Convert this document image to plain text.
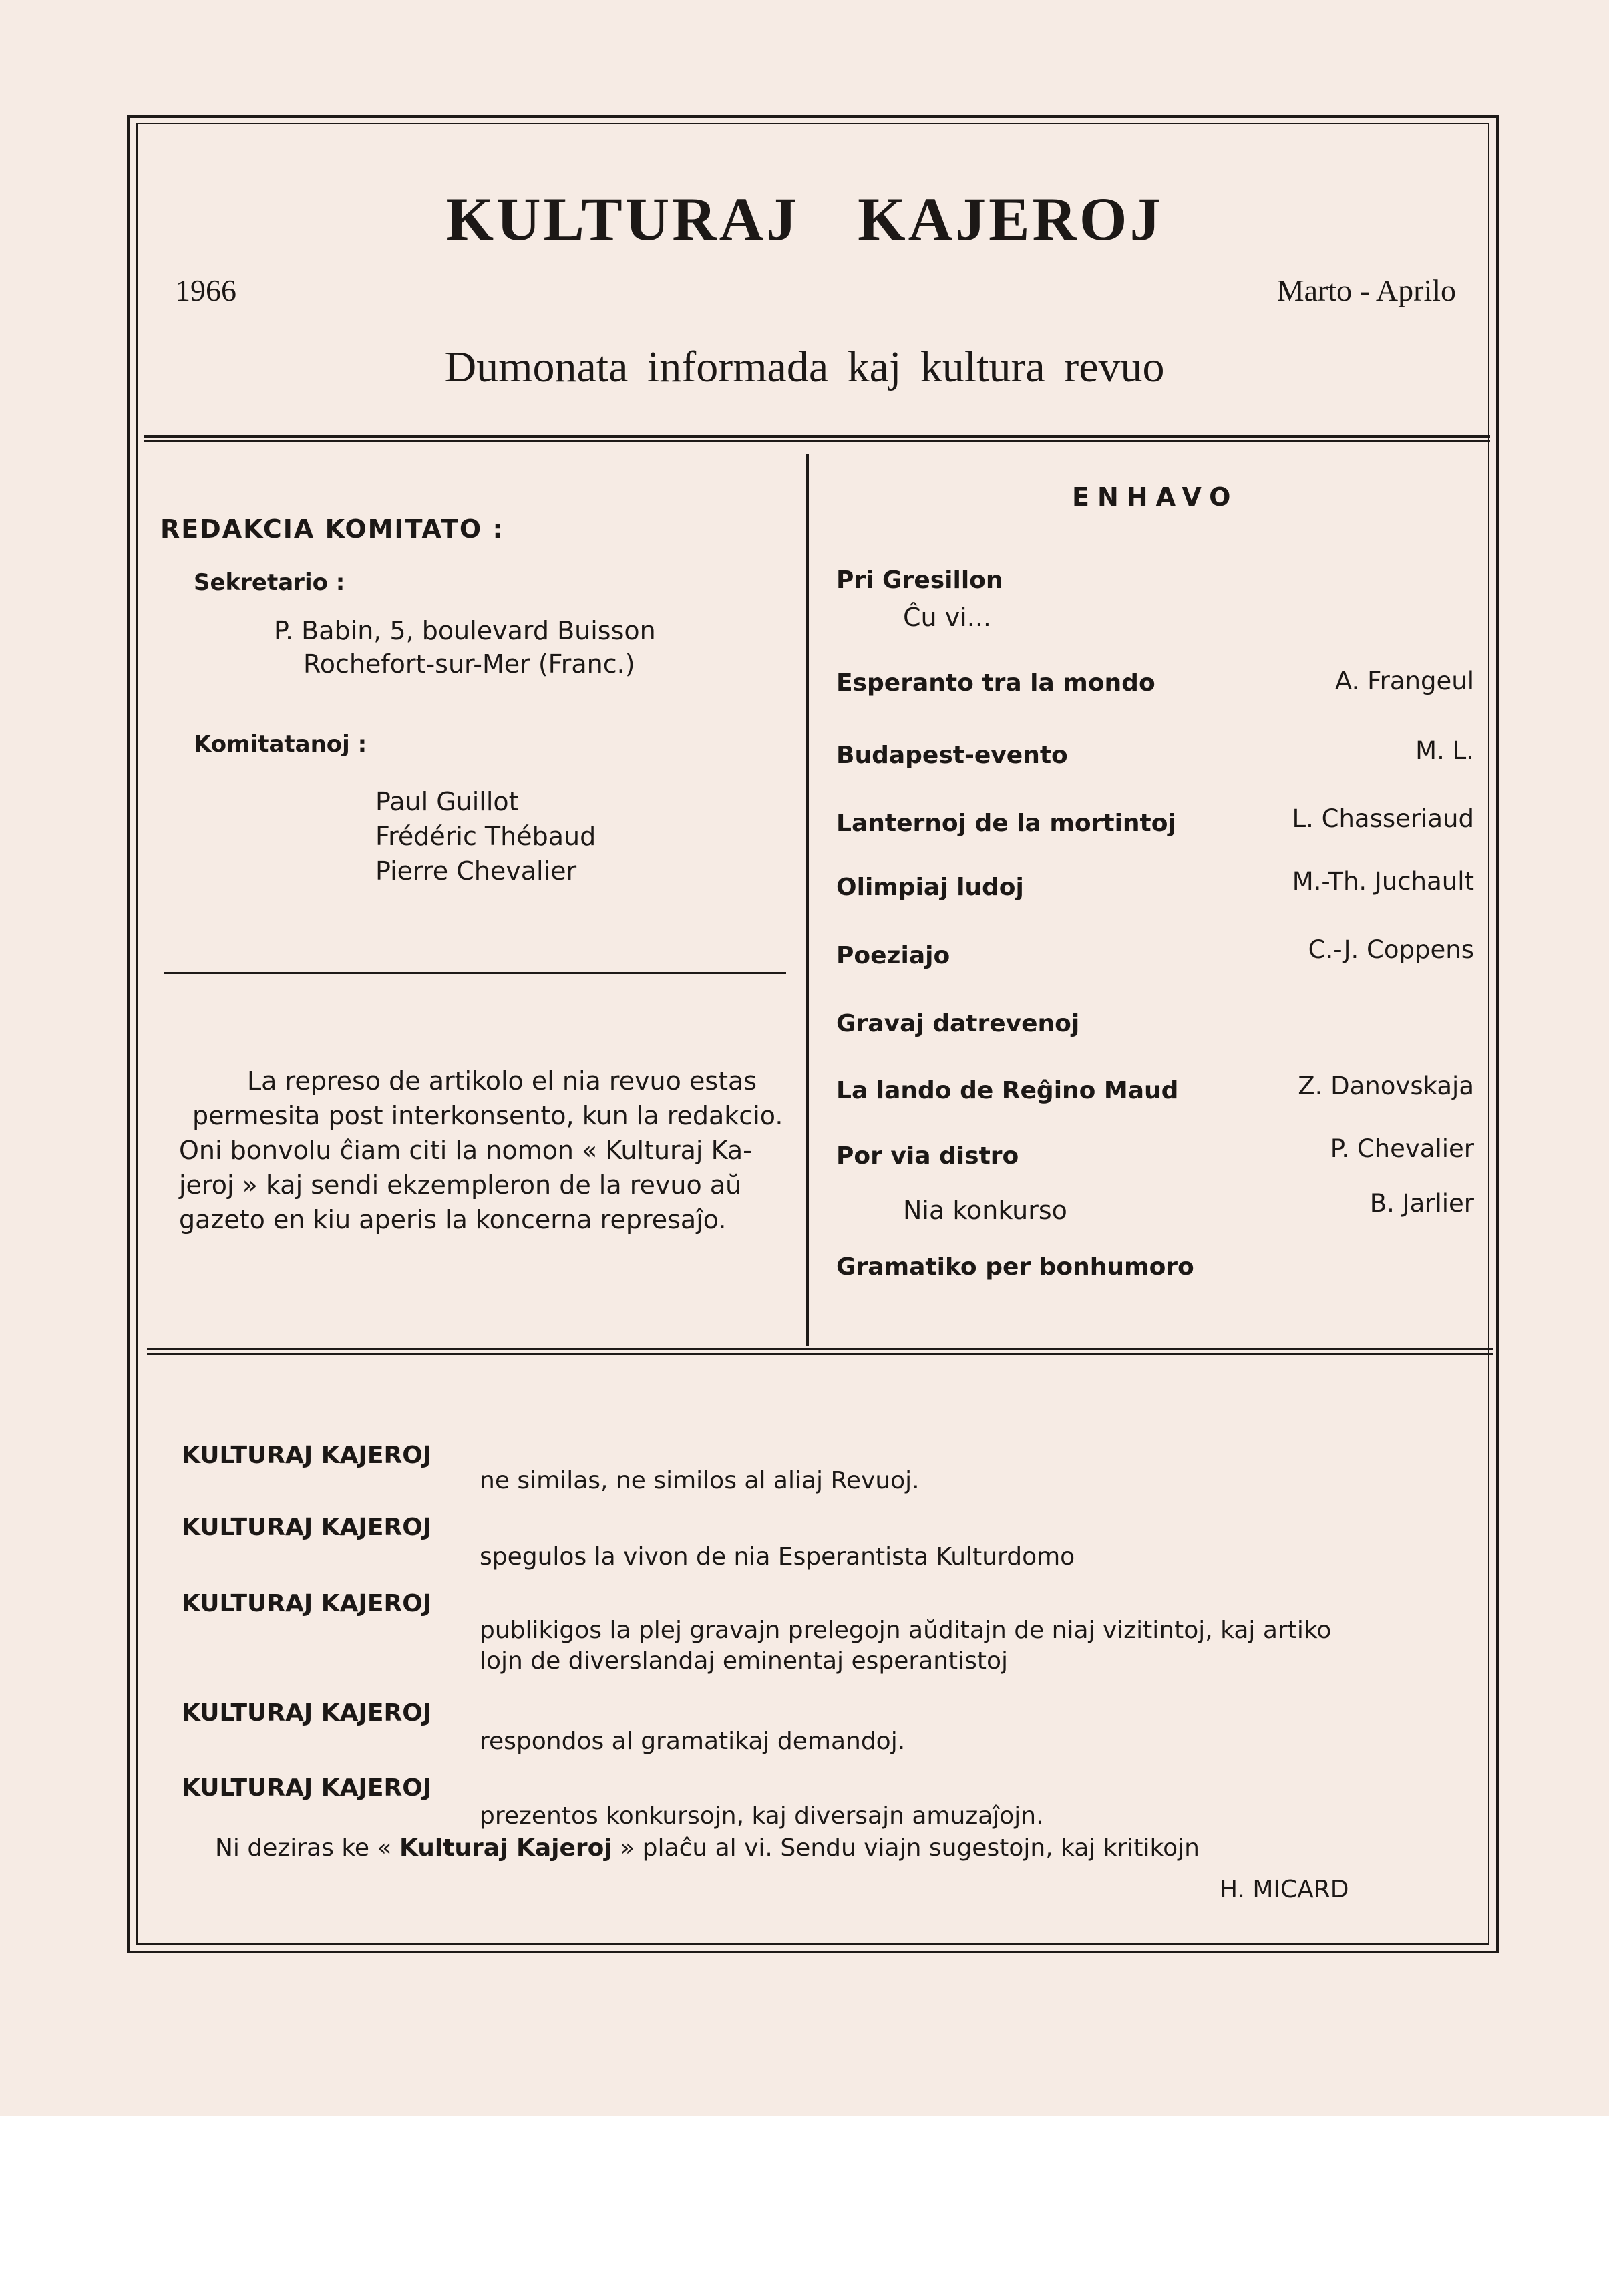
KULTURAJ KAJEROJ
1966	Marto - Aprilo
Dumonata informada kaj kultura revuo
REDAKCIA KOMITATO :
Sekretario :
P. Babin, 5, boulevard Buisson
Rochefort-sur-Mer (Franc.)
Komitatanoj :
Paul Guillot
Frédéric Thébaud
Pierre Chevalier
La represo de artikolo el nia revuo estas
permesita post interkonsento, kun la redakcio.
Oni bonvolu ĉiam citi la nomon « Kulturaj Ka-
jeroj » kaj sendi ekzempleron de la revuo aŭ
gazeto en kiu aperis la koncerna represaĵo.
ENHAVO
Pri Gresillon
Ĉu vi...
Esperanto tra la mondo	A. Frangeul
Budapest-evento	M. L.
Lanternoj de la mortintoj	L. Chasseriaud
Olimpiaj ludoj	M.-Th. Juchault
Poeziajo	C.-J. Coppens
Gravaj datrevenoj
La lando de Reĝino Maud	Z. Danovskaja
Por via distro	P. Chevalier
Nia konkurso	B. Jarlier
Gramatiko per bonhumoro
KULTURAJ KAJEROJ
ne similas, ne similos al aliaj Revuoj.
KULTURAJ KAJEROJ
spegulos la vivon de nia Esperantista Kulturdomo
KULTURAJ KAJEROJ
publikigos la plej gravajn prelegojn aŭditajn de niaj vizitintoj, kaj artiko
lojn de diverslandaj eminentaj esperantistoj
KULTURAJ KAJEROJ
respondos al gramatikaj demandoj.
KULTURAJ KAJEROJ
prezentos konkursojn, kaj diversajn amuzaĵojn.
Ni deziras ke « Kulturaj Kajeroj » plaĉu al vi. Sendu viajn sugestojn, kaj kritikojn
H. MICARD
